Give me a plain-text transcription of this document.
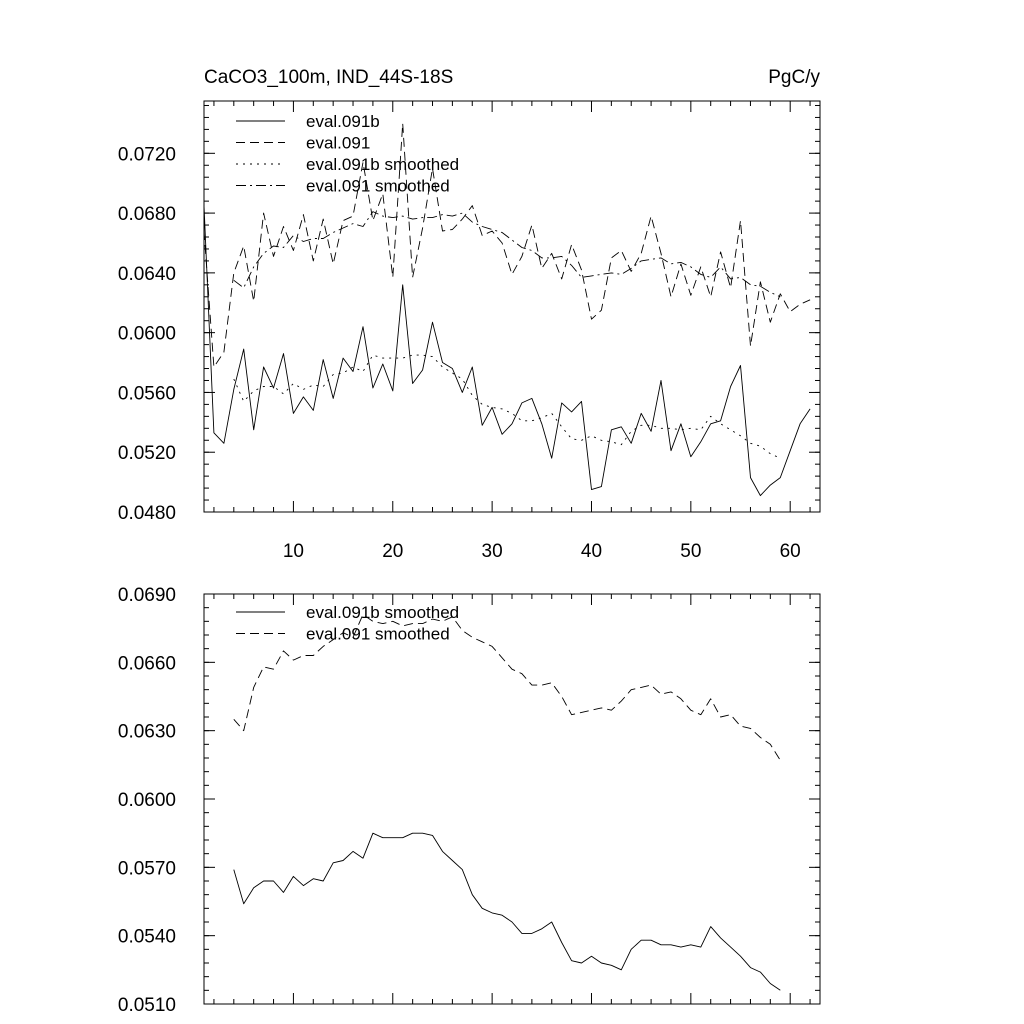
CaCO3_100m, IND_44S-18S	PgC/y
0.0480
0.0520
0.0560
0.0600
0.0640
0.0680
0.0720
10	20	30	40	50	60
eval.091b
eval.091
eval.091b smoothed
eval.091 smoothed
0.0510
0.0540
0.0570
0.0600
0.0630
0.0660
0.0690
eval.091b smoothed
eval.091 smoothed
